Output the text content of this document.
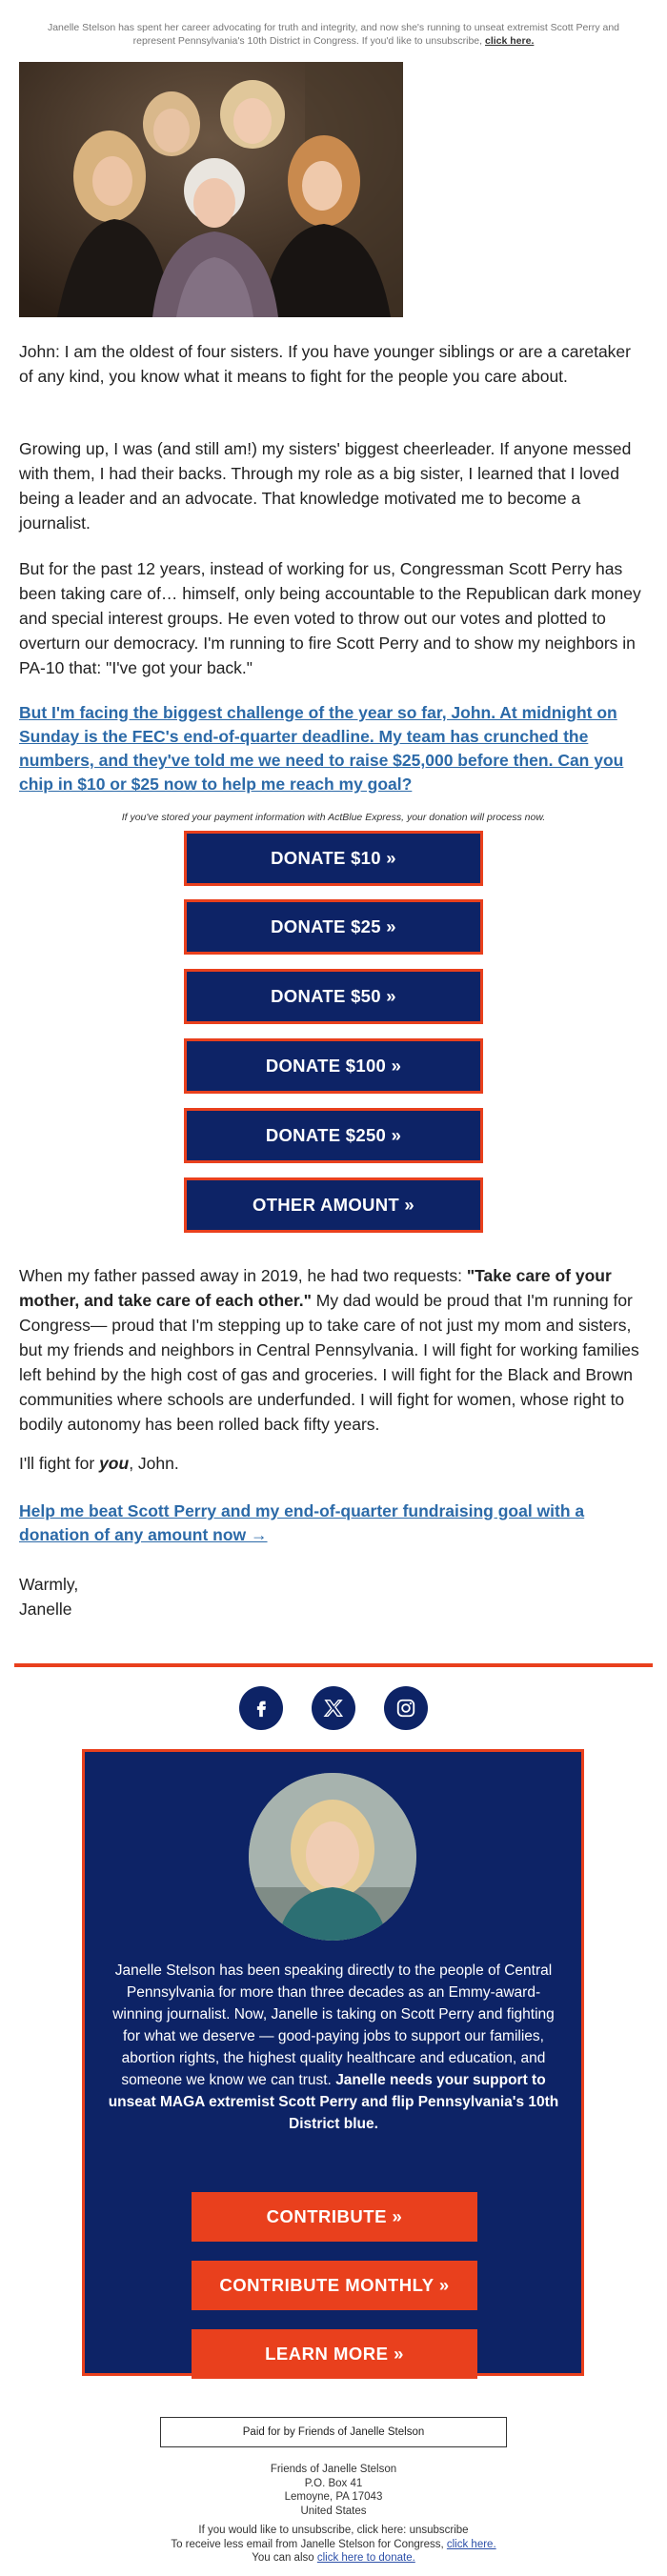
Janelle Stelson has spent her career advocating for truth and integrity, and now she's running to unseat extremist Scott Perry and represent Pennsylvania's 10th District in Congress. If you'd like to unsubscribe, click here.

John: I am the oldest of four sisters. If you have younger siblings or are a caretaker of any kind, you know what it means to fight for the people you care about.

Growing up, I was (and still am!) my sisters' biggest cheerleader. If anyone messed with them, I had their backs. Through my role as a big sister, I learned that I loved being a leader and an advocate. That knowledge motivated me to become a journalist.

But for the past 12 years, instead of working for us, Congressman Scott Perry has been taking care of… himself, only being accountable to the Republican dark money and special interest groups. He even voted to throw out our votes and plotted to overturn our democracy. I'm running to fire Scott Perry and to show my neighbors in PA-10 that: "I've got your back."

But I'm facing the biggest challenge of the year so far, John. At midnight on Sunday is the FEC's end-of-quarter deadline. My team has crunched the numbers, and they've told me we need to raise $25,000 before then. Can you chip in $10 or $25 now to help me reach my goal?

If you've stored your payment information with ActBlue Express, your donation will process now.
DONATE $10 »
DONATE $25 »
DONATE $50 »
DONATE $100 »
DONATE $250 »
OTHER AMOUNT »

When my father passed away in 2019, he had two requests: "Take care of your mother, and take care of each other." My dad would be proud that I'm running for Congress— proud that I'm stepping up to take care of not just my mom and sisters, but my friends and neighbors in Central Pennsylvania. I will fight for working families left behind by the high cost of gas and groceries. I will fight for the Black and Brown communities where schools are underfunded. I will fight for women, whose right to bodily autonomy has been rolled back fifty years.

I'll fight for you, John.

Help me beat Scott Perry and my end-of-quarter fundraising goal with a donation of any amount now →

Warmly,
Janelle
Janelle Stelson has been speaking directly to the people of Central Pennsylvania for more than three decades as an Emmy-award-winning journalist. Now, Janelle is taking on Scott Perry and fighting for what we deserve — good-paying jobs to support our families, abortion rights, the highest quality healthcare and education, and someone we know we can trust. Janelle needs your support to unseat MAGA extremist Scott Perry and flip Pennsylvania's 10th District blue.
CONTRIBUTE »
CONTRIBUTE MONTHLY »
LEARN MORE »
Paid for by Friends of Janelle Stelson
Friends of Janelle Stelson
P.O. Box 41
Lemoyne, PA 17043
United States
If you would like to unsubscribe, click here: unsubscribe
To receive less email from Janelle Stelson for Congress, click here.
You can also click here to donate.
